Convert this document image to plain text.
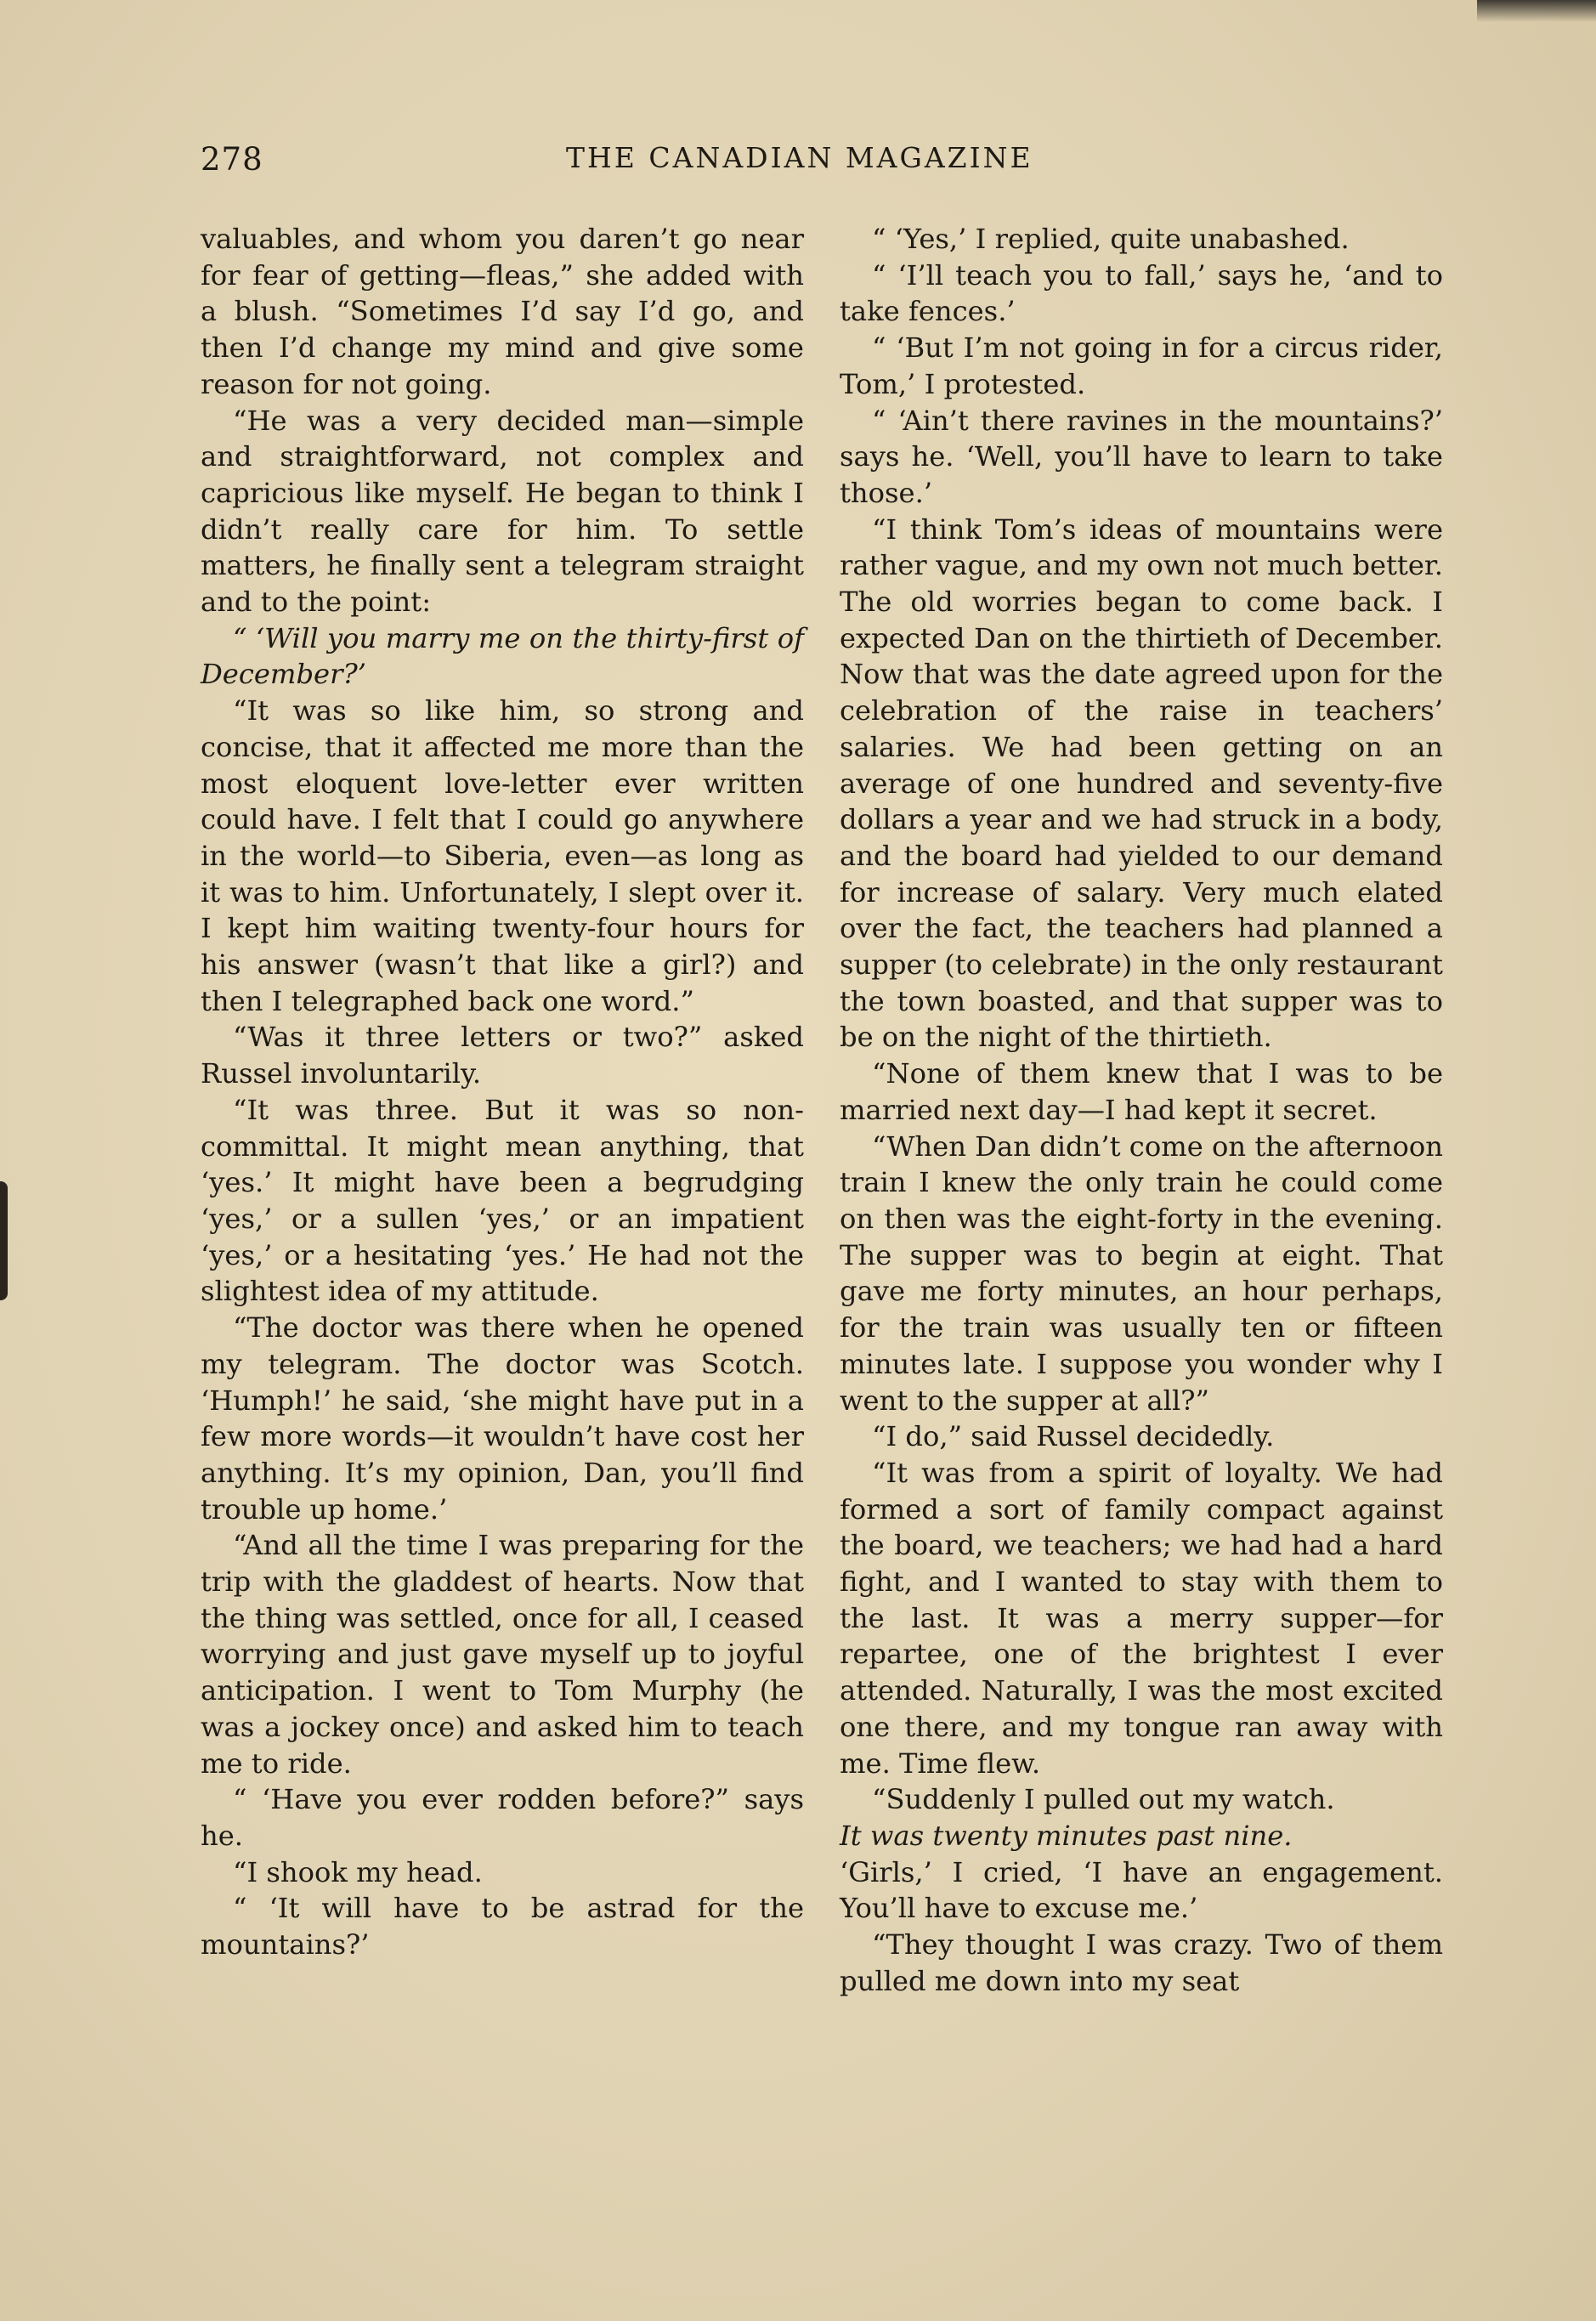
278	THE CANADIAN MAGAZINE

valuables, and whom you daren’t go near for fear of getting—fleas,” she added with a blush. “Sometimes I’d say I’d go, and then I’d change my mind and give some reason for not going.

“He was a very decided man—simple and straightforward, not complex and capricious like myself. He began to think I didn’t really care for him. To settle matters, he finally sent a telegram straight and to the point:

“ ‘Will you marry me on the thirty-first of December?’

“It was so like him, so strong and concise, that it affected me more than the most eloquent love-letter ever written could have. I felt that I could go anywhere in the world—to Siberia, even—as long as it was to him. Unfortunately, I slept over it. I kept him waiting twenty-four hours for his answer (wasn’t that like a girl?) and then I telegraphed back one word.”

“Was it three letters or two?” asked Russel involuntarily.

“It was three. But it was so non-committal. It might mean anything, that ‘yes.’ It might have been a begrudging ‘yes,’ or a sullen ‘yes,’ or an impatient ‘yes,’ or a hesitating ‘yes.’ He had not the slightest idea of my attitude.

“The doctor was there when he opened my telegram. The doctor was Scotch. ‘Humph!’ he said, ‘she might have put in a few more words—it wouldn’t have cost her anything. It’s my opinion, Dan, you’ll find trouble up home.’

“And all the time I was preparing for the trip with the gladdest of hearts. Now that the thing was settled, once for all, I ceased worrying and just gave myself up to joyful anticipation. I went to Tom Murphy (he was a jockey once) and asked him to teach me to ride.

“ ‘Have you ever rodden before?” says he.

“I shook my head.

“ ‘It will have to be astrad for the mountains?’

“ ‘Yes,’ I replied, quite unabashed.

“ ‘I’ll teach you to fall,’ says he, ‘and to take fences.’

“ ‘But I’m not going in for a circus rider, Tom,’ I protested.

“ ‘Ain’t there ravines in the mountains?’ says he. ‘Well, you’ll have to learn to take those.’

“I think Tom’s ideas of mountains were rather vague, and my own not much better. The old worries began to come back. I expected Dan on the thirtieth of December. Now that was the date agreed upon for the celebration of the raise in teachers’ salaries. We had been getting on an average of one hundred and seventy-five dollars a year and we had struck in a body, and the board had yielded to our demand for increase of salary. Very much elated over the fact, the teachers had planned a supper (to celebrate) in the only restaurant the town boasted, and that supper was to be on the night of the thirtieth.

“None of them knew that I was to be married next day—I had kept it secret.

“When Dan didn’t come on the afternoon train I knew the only train he could come on then was the eight-forty in the evening. The supper was to begin at eight. That gave me forty minutes, an hour perhaps, for the train was usually ten or fifteen minutes late. I suppose you wonder why I went to the supper at all?”

“I do,” said Russel decidedly.

“It was from a spirit of loyalty. We had formed a sort of family compact against the board, we teachers; we had had a hard fight, and I wanted to stay with them to the last. It was a merry supper—for repartee, one of the brightest I ever attended. Naturally, I was the most excited one there, and my tongue ran away with me. Time flew.

“Suddenly I pulled out my watch.

It was twenty minutes past nine.

‘Girls,’ I cried, ‘I have an engagement. You’ll have to excuse me.’

“They thought I was crazy. Two of them pulled me down into my seat
